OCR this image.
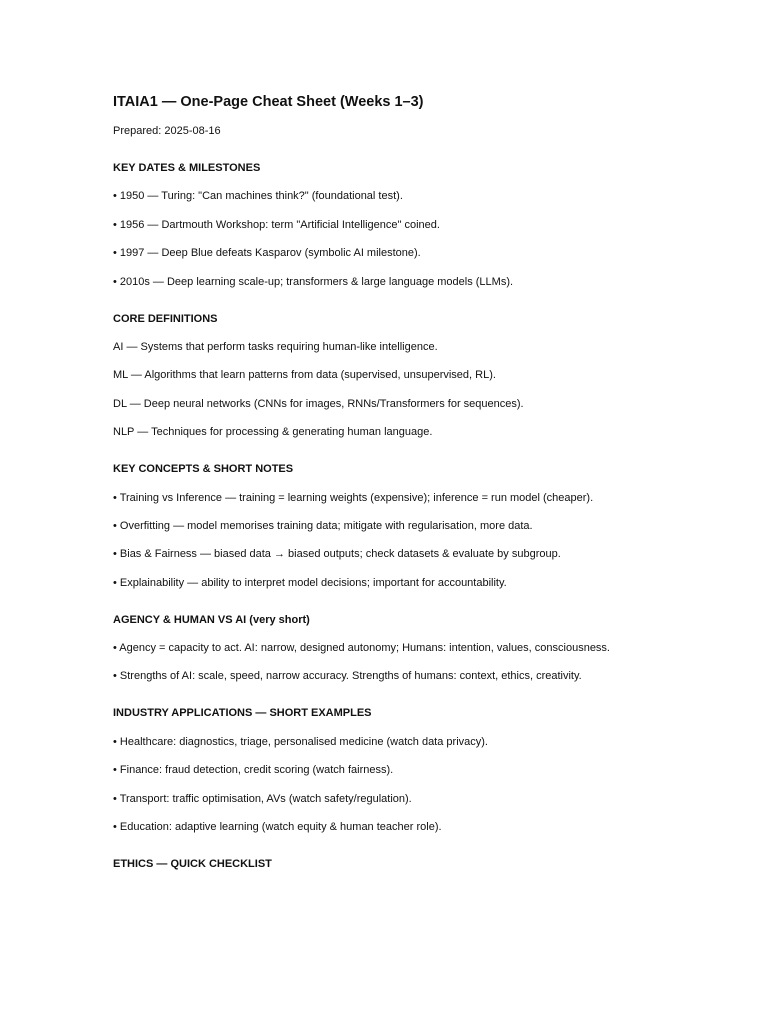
ITAIA1 — One-Page Cheat Sheet (Weeks 1–3)

Prepared: 2025-08-16

KEY DATES & MILESTONES
• 1950 — Turing: "Can machines think?" (foundational test).
• 1956 — Dartmouth Workshop: term "Artificial Intelligence" coined.
• 1997 — Deep Blue defeats Kasparov (symbolic AI milestone).
• 2010s — Deep learning scale-up; transformers & large language models (LLMs).
CORE DEFINITIONS
AI — Systems that perform tasks requiring human-like intelligence.
ML — Algorithms that learn patterns from data (supervised, unsupervised, RL).
DL — Deep neural networks (CNNs for images, RNNs/Transformers for sequences).
NLP — Techniques for processing & generating human language.
KEY CONCEPTS & SHORT NOTES
• Training vs Inference — training = learning weights (expensive); inference = run model (cheaper).
• Overfitting — model memorises training data; mitigate with regularisation, more data.
• Bias & Fairness — biased data → biased outputs; check datasets & evaluate by subgroup.
• Explainability — ability to interpret model decisions; important for accountability.
AGENCY & HUMAN VS AI (very short)
• Agency = capacity to act. AI: narrow, designed autonomy; Humans: intention, values, consciousness.
• Strengths of AI: scale, speed, narrow accuracy. Strengths of humans: context, ethics, creativity.
INDUSTRY APPLICATIONS — SHORT EXAMPLES
• Healthcare: diagnostics, triage, personalised medicine (watch data privacy).
• Finance: fraud detection, credit scoring (watch fairness).
• Transport: traffic optimisation, AVs (watch safety/regulation).
• Education: adaptive learning (watch equity & human teacher role).
ETHICS — QUICK CHECKLIST
